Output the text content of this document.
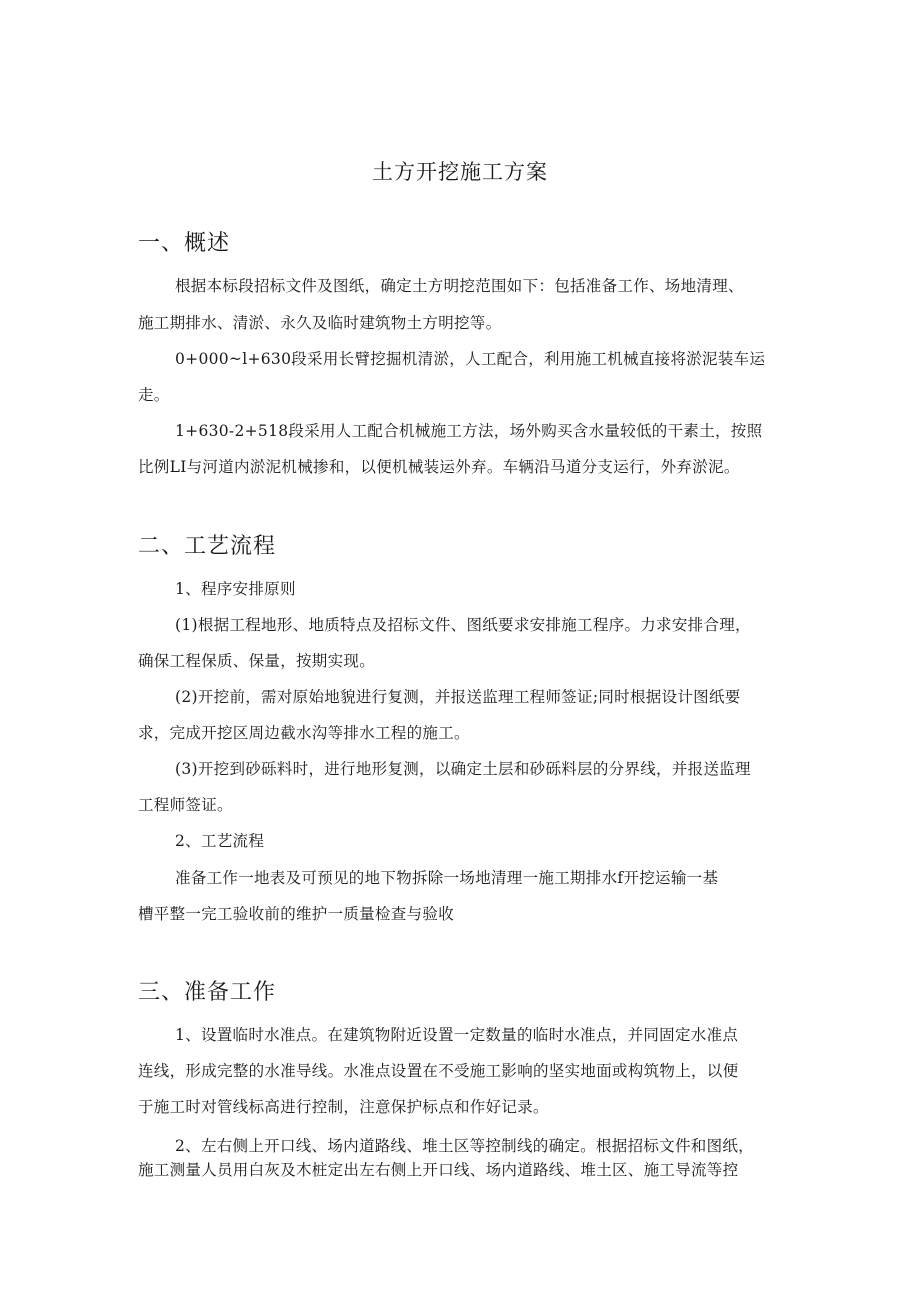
土方开挖施工方案
一、概述
根据本标段招标文件及图纸，确定土方明挖范围如下：包括准备工作、场地清理、
施工期排水、清淤、永久及临时建筑物土方明挖等。
0+000~l+630段采用长臂挖掘机清淤，人工配合，利用施工机械直接将淤泥装车运
走。
1+630-2+518段采用人工配合机械施工方法，场外购买含水量较低的干素土，按照
比例LI与河道内淤泥机械掺和，以便机械装运外弃。车辆沿马道分支运行，外弃淤泥。
二、工艺流程
1、程序安排原则
(1)根据工程地形、地质特点及招标文件、图纸要求安排施工程序。力求安排合理，
确保工程保质、保量，按期实现。
(2)开挖前，需对原始地貌进行复测，并报送监理工程师签证;同时根据设计图纸要
求，完成开挖区周边截水沟等排水工程的施工。
(3)开挖到砂砾料时，进行地形复测，以确定土层和砂砾料层的分界线，并报送监理
工程师签证。
2、工艺流程
准备工作一地表及可预见的地下物拆除一场地清理一施工期排水f开挖运输一基
槽平整一完工验收前的维护一质量检查与验收
三、准备工作
1、设置临时水准点。在建筑物附近设置一定数量的临时水准点，并同固定水准点
连线，形成完整的水准导线。水准点设置在不受施工影响的坚实地面或构筑物上，以便
于施工时对管线标高进行控制，注意保护标点和作好记录。
2、左右侧上开口线、场内道路线、堆土区等控制线的确定。根据招标文件和图纸，
施工测量人员用白灰及木桩定出左右侧上开口线、场内道路线、堆土区、施工导流等控
